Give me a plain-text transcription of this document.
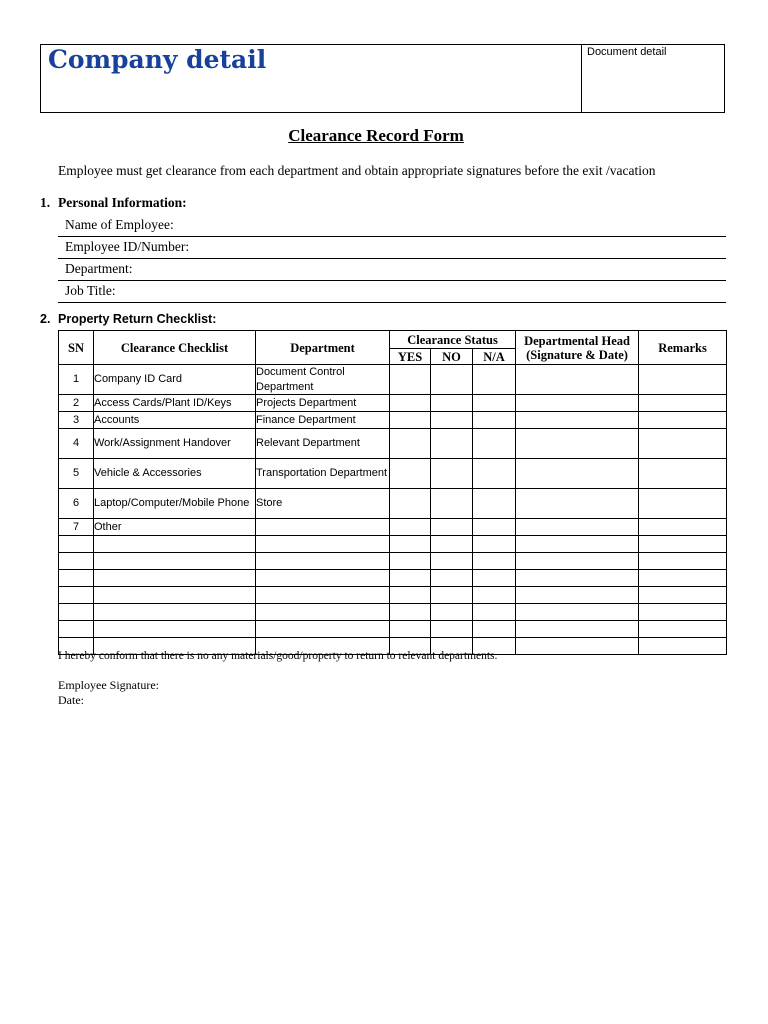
Company detail	Document detail
Clearance Record Form
Employee must get clearance from each department and obtain appropriate signatures before the exit /vacation
1. Personal Information:
Name of Employee:
Employee ID/Number:
Department:
Job Title:
2. Property Return Checklist:
SN	Clearance Checklist	Department	Clearance Status			Departmental Head (Signature & Date)	Remarks
			YES	NO	N/A		
1	Company ID Card	Document Control Department					
2	Access Cards/Plant ID/Keys	Projects Department					
3	Accounts	Finance Department					
4	Work/Assignment Handover	Relevant Department					
5	Vehicle & Accessories	Transportation Department					
6	Laptop/Computer/Mobile Phone	Store					
7	Other						

I hereby conform that there is no any materials/good/property to return to relevant departments.
Employee Signature:
Date:
